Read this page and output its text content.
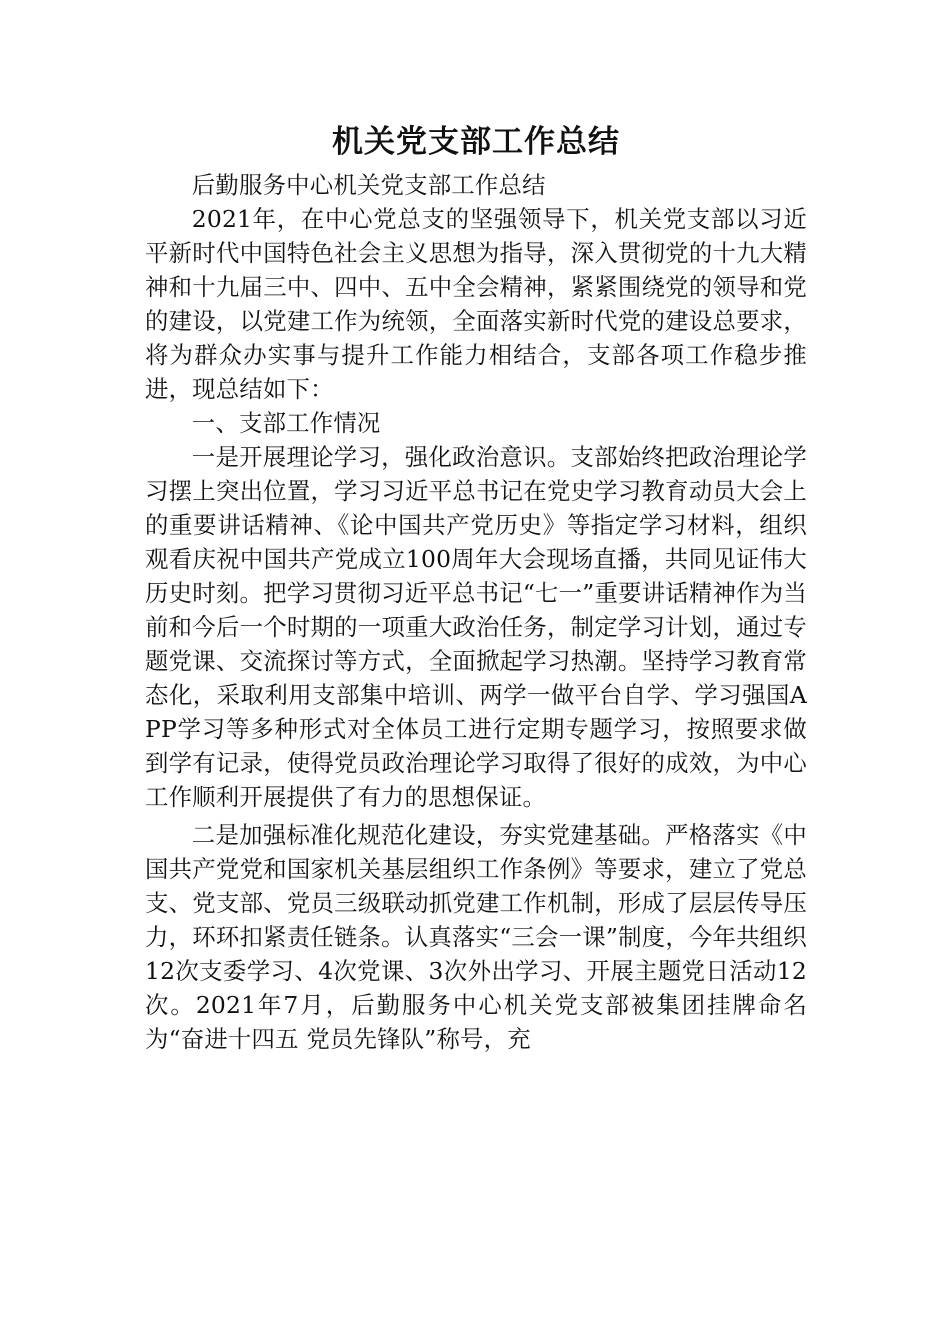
机关党支部工作总结

后勤服务中心机关党支部工作总结

2021年，在中心党总支的坚强领导下，机关党支部以习近平新时代中国特色社会主义思想为指导，深入贯彻党的十九大精神和十九届三中、四中、五中全会精神，紧紧围绕党的领导和党的建设，以党建工作为统领，全面落实新时代党的建设总要求，将为群众办实事与提升工作能力相结合，支部各项工作稳步推进，现总结如下：

一、支部工作情况

一是开展理论学习，强化政治意识。支部始终把政治理论学习摆上突出位置，学习习近平总书记在党史学习教育动员大会上的重要讲话精神、《论中国共产党历史》等指定学习材料，组织观看庆祝中国共产党成立100周年大会现场直播，共同见证伟大历史时刻。把学习贯彻习近平总书记“七一”重要讲话精神作为当前和今后一个时期的一项重大政治任务，制定学习计划，通过专题党课、交流探讨等方式，全面掀起学习热潮。坚持学习教育常态化，采取利用支部集中培训、两学一做平台自学、学习强国APP学习等多种形式对全体员工进行定期专题学习，按照要求做到学有记录，使得党员政治理论学习取得了很好的成效，为中心工作顺利开展提供了有力的思想保证。

二是加强标准化规范化建设，夯实党建基础。严格落实《中国共产党党和国家机关基层组织工作条例》等要求，建立了党总支、党支部、党员三级联动抓党建工作机制，形成了层层传导压力，环环扣紧责任链条。认真落实“三会一课”制度，今年共组织12次支委学习、4次党课、3次外出学习、开展主题党日活动12次。2021年7月，后勤服务中心机关党支部被集团挂牌命名为“奋进十四五 党员先锋队”称号，充
